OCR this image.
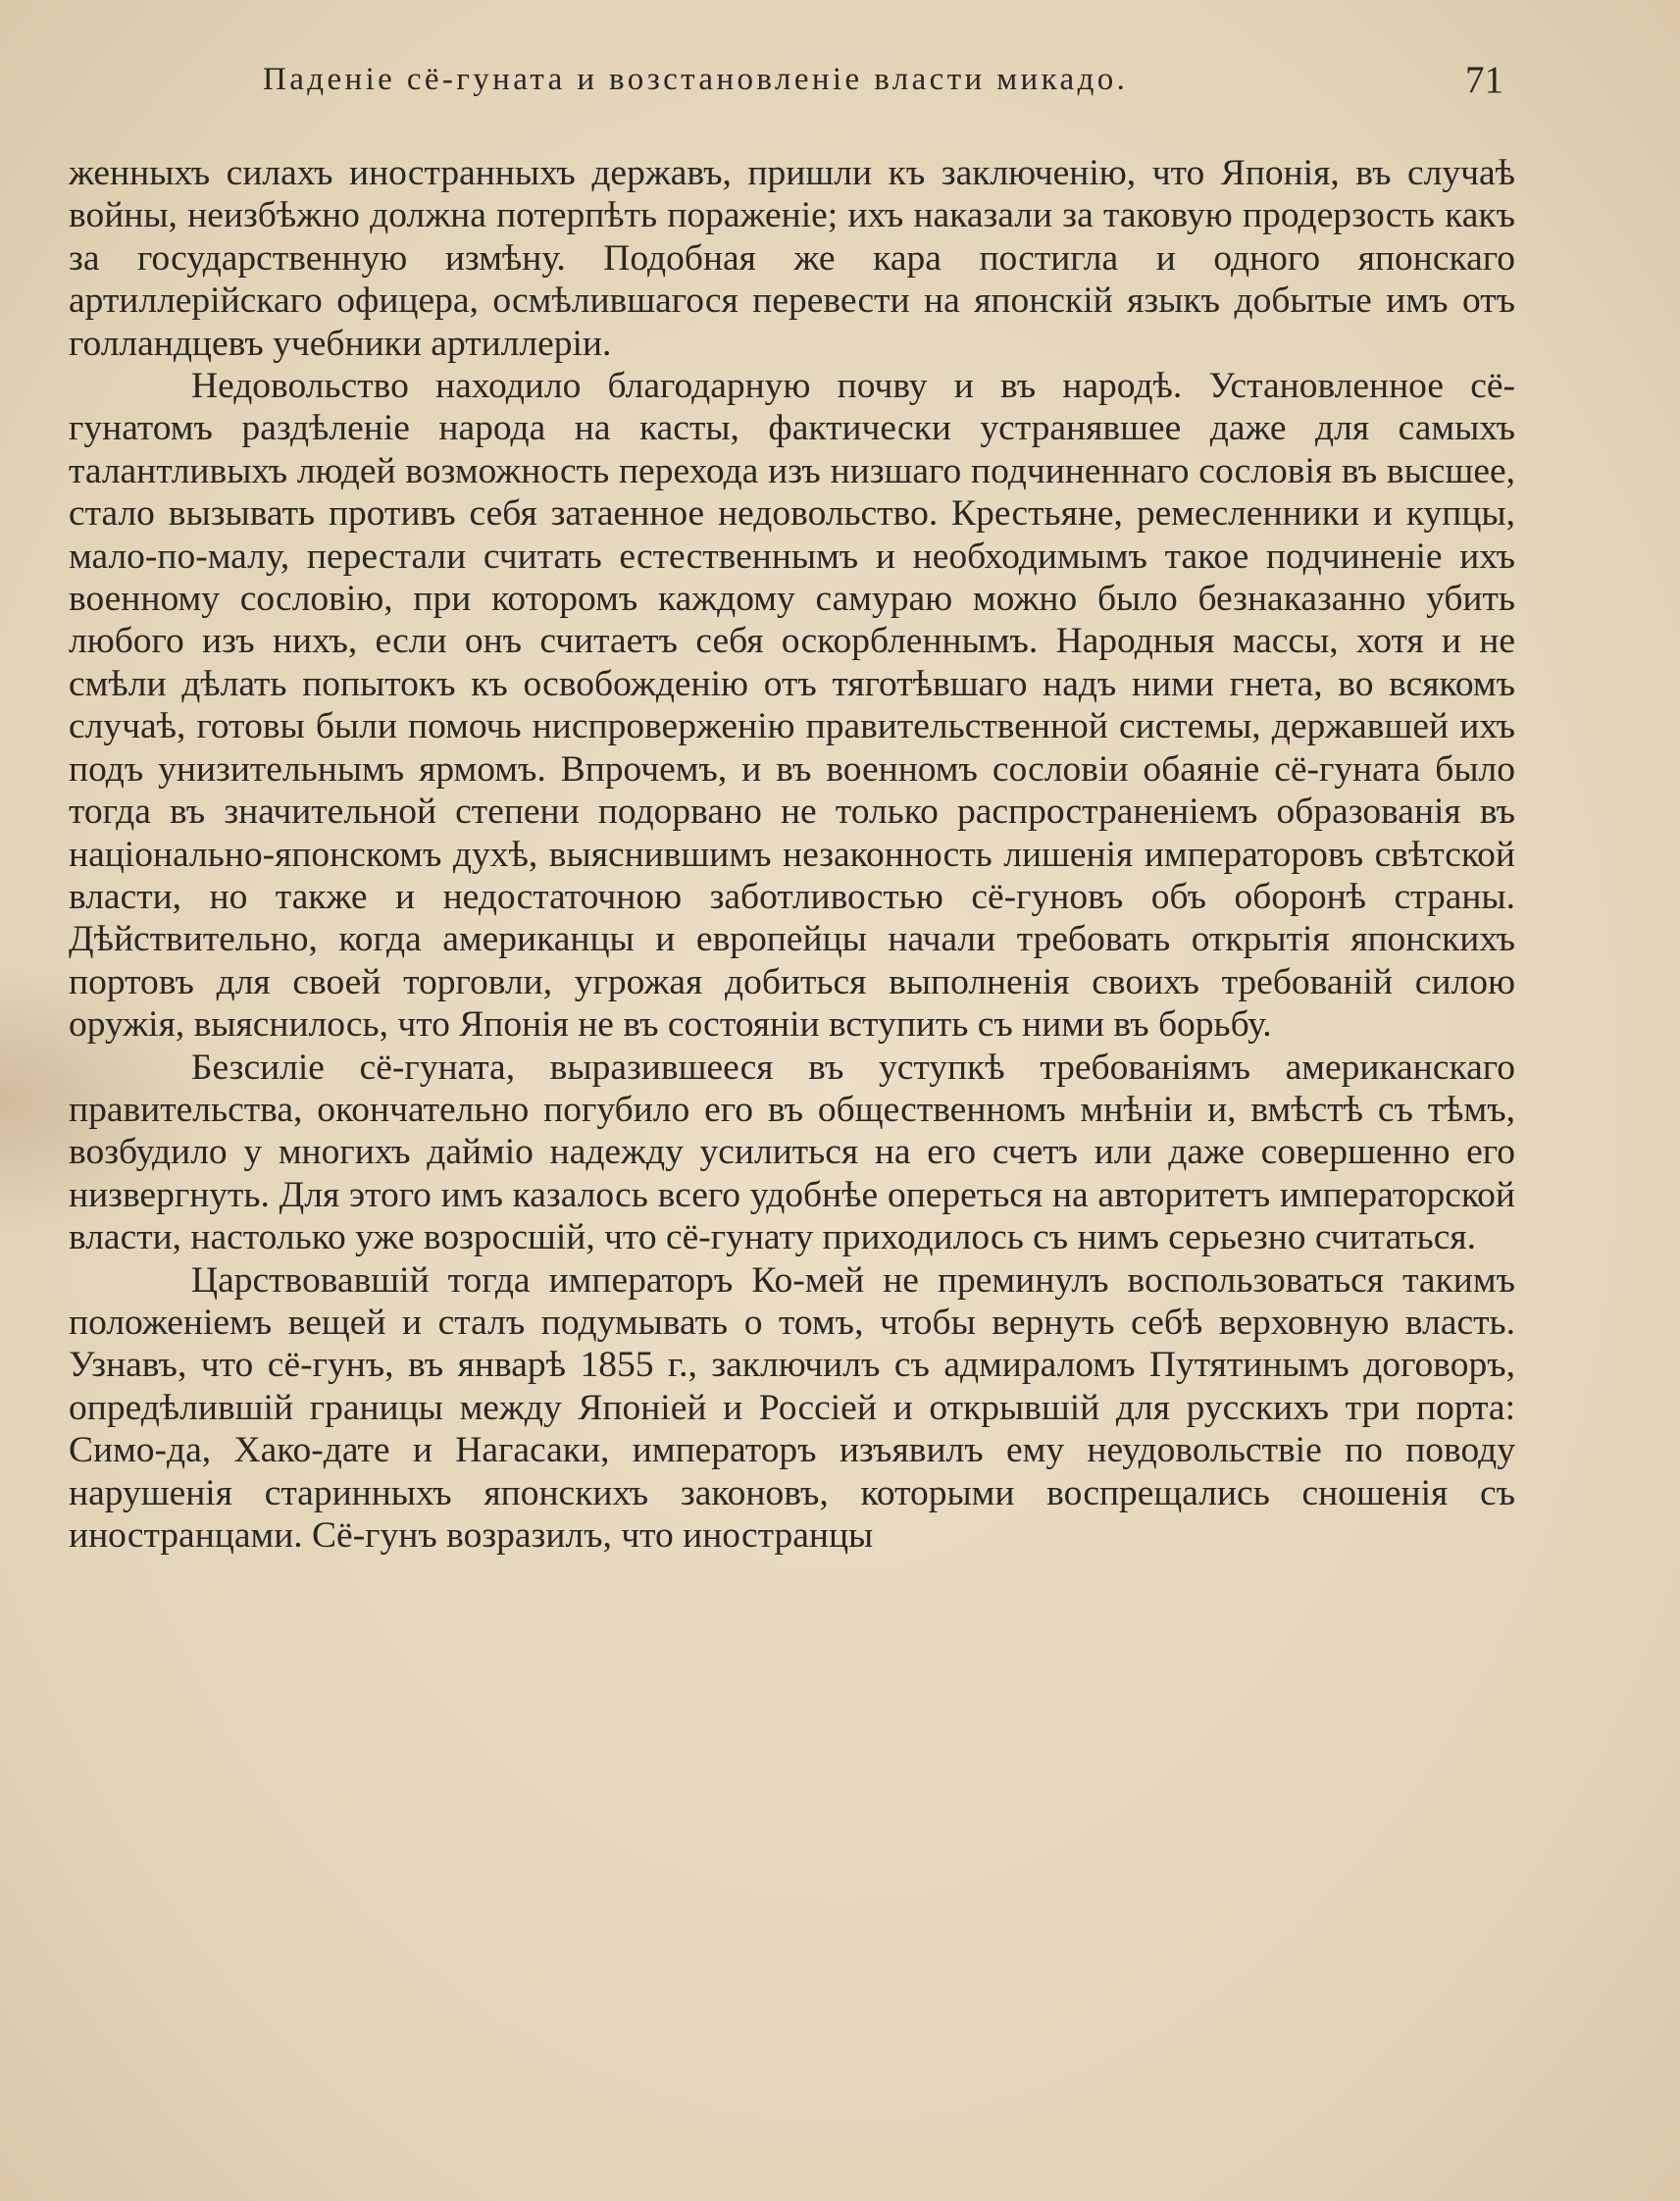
Паденіе сё-гуната и возстановленіе власти микадо.	71

женныхъ силахъ иностранныхъ державъ, пришли къ заключенію, что Японія, въ случаѣ войны, неизбѣжно должна потерпѣть пораженіе; ихъ наказали за таковую продерзость какъ за государственную измѣну. Подобная же кара постигла и одного японскаго артиллерійскаго офицера, осмѣлившагося перевести на японскій языкъ добытые имъ отъ голландцевъ учебники артиллеріи.

Недовольство находило благодарную почву и въ народѣ. Установленное сё-гунатомъ раздѣленіе народа на касты, фактически устранявшее даже для самыхъ талантливыхъ людей возможность перехода изъ низшаго подчиненнаго сословія въ высшее, стало вызывать противъ себя затаенное недовольство. Крестьяне, ремесленники и купцы, мало-по-малу, перестали считать естественнымъ и необходимымъ такое подчиненіе ихъ военному сословію, при которомъ каждому самураю можно было безнаказанно убить любого изъ нихъ, если онъ считаетъ себя оскорбленнымъ. Народныя массы, хотя и не смѣли дѣлать попытокъ къ освобожденію отъ тяготѣвшаго надъ ними гнета, во всякомъ случаѣ, готовы были помочь ниспроверженію правительственной системы, державшей ихъ подъ унизительнымъ ярмомъ. Впрочемъ, и въ военномъ сословіи обаяніе сё-гуната было тогда въ значительной степени подорвано не только распространеніемъ образованія въ національно-японскомъ духѣ, выяснившимъ незаконность лишенія императоровъ свѣтской власти, но также и недостаточною заботливостью сё-гуновъ объ оборонѣ страны. Дѣйствительно, когда американцы и европейцы начали требовать открытія японскихъ портовъ для своей торговли, угрожая добиться выполненія своихъ требованій силою оружія, выяснилось, что Японія не въ состояніи вступить съ ними въ борьбу.

Безсиліе сё-гуната, выразившееся въ уступкѣ требованіямъ американскаго правительства, окончательно погубило его въ общественномъ мнѣніи и, вмѣстѣ съ тѣмъ, возбудило у многихъ дайміо надежду усилиться на его счетъ или даже совершенно его низвергнуть. Для этого имъ казалось всего удобнѣе опереться на авторитетъ императорской власти, настолько уже возросшій, что сё-гунату приходилось съ нимъ серьезно считаться.

Царствовавшій тогда императоръ Ко-мей не преминулъ воспользоваться такимъ положеніемъ вещей и сталъ подумывать о томъ, чтобы вернуть себѣ верховную власть. Узнавъ, что сё-гунъ, въ январѣ 1855 г., заключилъ съ адмираломъ Путятинымъ договоръ, опредѣлившій границы между Японіей и Россіей и открывшій для русскихъ три порта: Симо-да, Хако-дате и Нагасаки, императоръ изъявилъ ему неудовольствіе по поводу нарушенія старинныхъ японскихъ законовъ, которыми воспрещались сношенія съ иностранцами. Сё-гунъ возразилъ, что иностранцы
